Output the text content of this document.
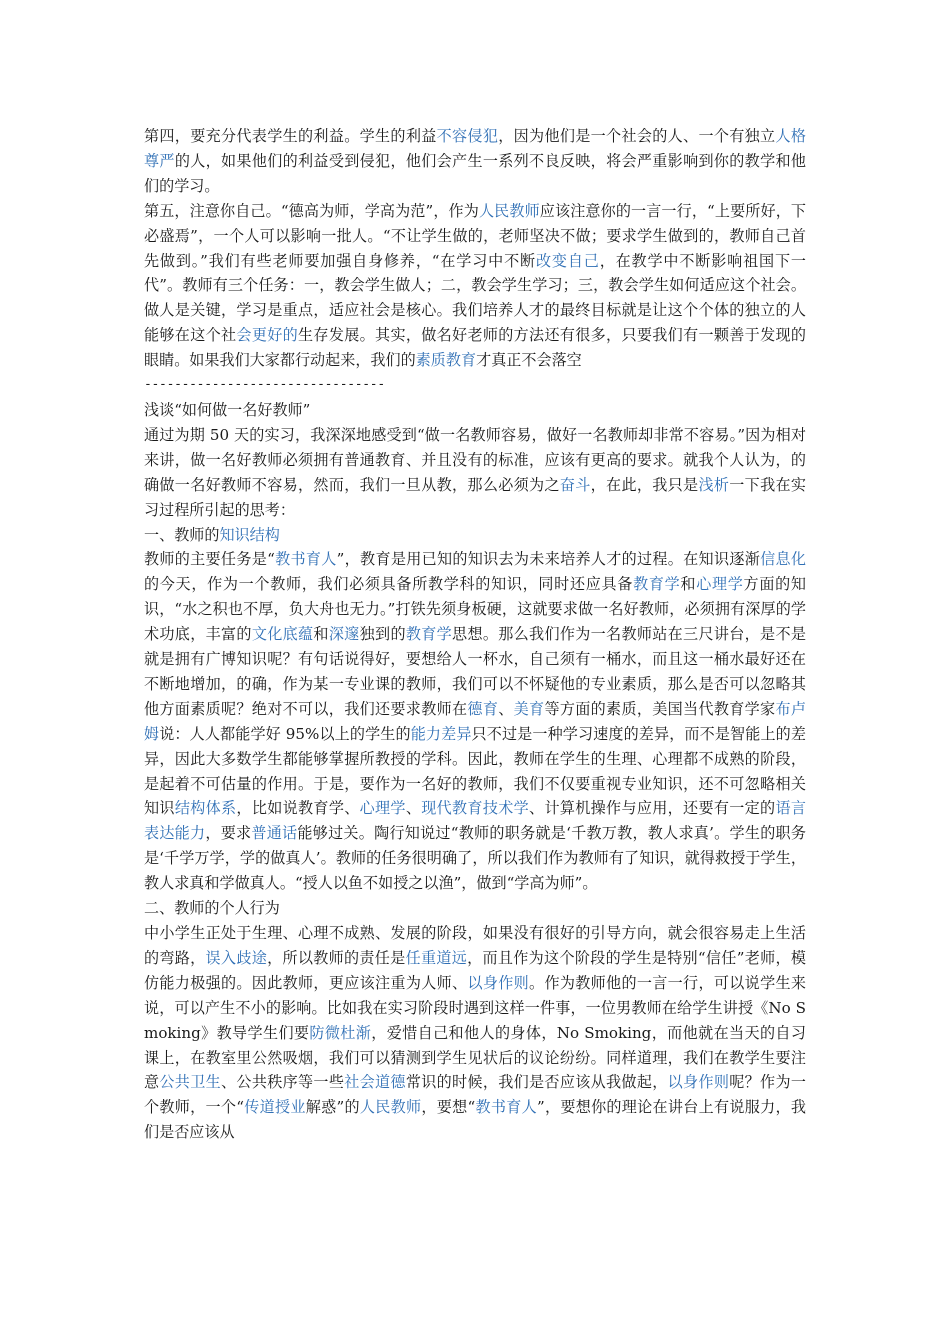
第四，要充分代表学生的利益。学生的利益不容侵犯，因为他们是一个社会的人、一个有独立人格尊严的人，如果他们的利益受到侵犯，他们会产生一系列不良反映，将会严重影响到你的教学和他们的学习。

第五，注意你自己。“德高为师，学高为范”，作为人民教师应该注意你的一言一行，“上要所好，下必盛焉”，一个人可以影响一批人。“不让学生做的，老师坚决不做；要求学生做到的，教师自己首先做到。”我们有些老师要加强自身修养，“在学习中不断改变自己，在教学中不断影响祖国下一代”。教师有三个任务：一，教会学生做人；二，教会学生学习；三，教会学生如何适应这个社会。做人是关键，学习是重点，适应社会是核心。我们培养人才的最终目标就是让这个个体的独立的人能够在这个社会更好的生存发展。其实，做名好老师的方法还有很多，只要我们有一颗善于发现的眼睛。如果我们大家都行动起来，我们的素质教育才真正不会落空

--------------------------------

浅谈“如何做一名好教师”

通过为期 50 天的实习，我深深地感受到“做一名教师容易，做好一名教师却非常不容易。”因为相对来讲，做一名好教师必须拥有普通教育、并且没有的标准，应该有更高的要求。就我个人认为，的确做一名好教师不容易，然而，我们一旦从教，那么必须为之奋斗，在此，我只是浅析一下我在实习过程所引起的思考：

一、教师的知识结构

教师的主要任务是“教书育人”，教育是用已知的知识去为未来培养人才的过程。在知识逐渐信息化的今天，作为一个教师，我们必须具备所教学科的知识，同时还应具备教育学和心理学方面的知识，“水之积也不厚，负大舟也无力。”打铁先须身板硬，这就要求做一名好教师，必须拥有深厚的学术功底，丰富的文化底蕴和深邃独到的教育学思想。那么我们作为一名教师站在三尺讲台，是不是就是拥有广博知识呢？有句话说得好，要想给人一杯水，自己须有一桶水，而且这一桶水最好还在不断地增加，的确，作为某一专业课的教师，我们可以不怀疑他的专业素质，那么是否可以忽略其他方面素质呢？绝对不可以，我们还要求教师在德育、美育等方面的素质，美国当代教育学家布卢姆说：人人都能学好 95%以上的学生的能力差异只不过是一种学习速度的差异，而不是智能上的差异，因此大多数学生都能够掌握所教授的学科。因此，教师在学生的生理、心理都不成熟的阶段，是起着不可估量的作用。于是，要作为一名好的教师，我们不仅要重视专业知识，还不可忽略相关知识结构体系，比如说教育学、心理学、现代教育技术学、计算机操作与应用，还要有一定的语言表达能力，要求普通话能够过关。陶行知说过“教师的职务就是‘千教万教，教人求真’。学生的职务是‘千学万学，学的做真人’。教师的任务很明确了，所以我们作为教师有了知识，就得救授于学生，教人求真和学做真人。“授人以鱼不如授之以渔”，做到“学高为师”。

二、教师的个人行为

中小学生正处于生理、心理不成熟、发展的阶段，如果没有很好的引导方向，就会很容易走上生活的弯路，误入歧途，所以教师的责任是任重道远，而且作为这个阶段的学生是特别“信任”老师，模仿能力极强的。因此教师，更应该注重为人师、以身作则。作为教师他的一言一行，可以说学生来说，可以产生不小的影响。比如我在实习阶段时遇到这样一件事，一位男教师在给学生讲授《No Smoking》教导学生们要防微杜渐，爱惜自己和他人的身体，No Smoking，而他就在当天的自习课上，在教室里公然吸烟，我们可以猜测到学生见状后的议论纷纷。同样道理，我们在教学生要注意公共卫生、公共秩序等一些社会道德常识的时候，我们是否应该从我做起，以身作则呢？作为一个教师，一个“传道授业解惑”的人民教师，要想“教书育人”，要想你的理论在讲台上有说服力，我们是否应该从
